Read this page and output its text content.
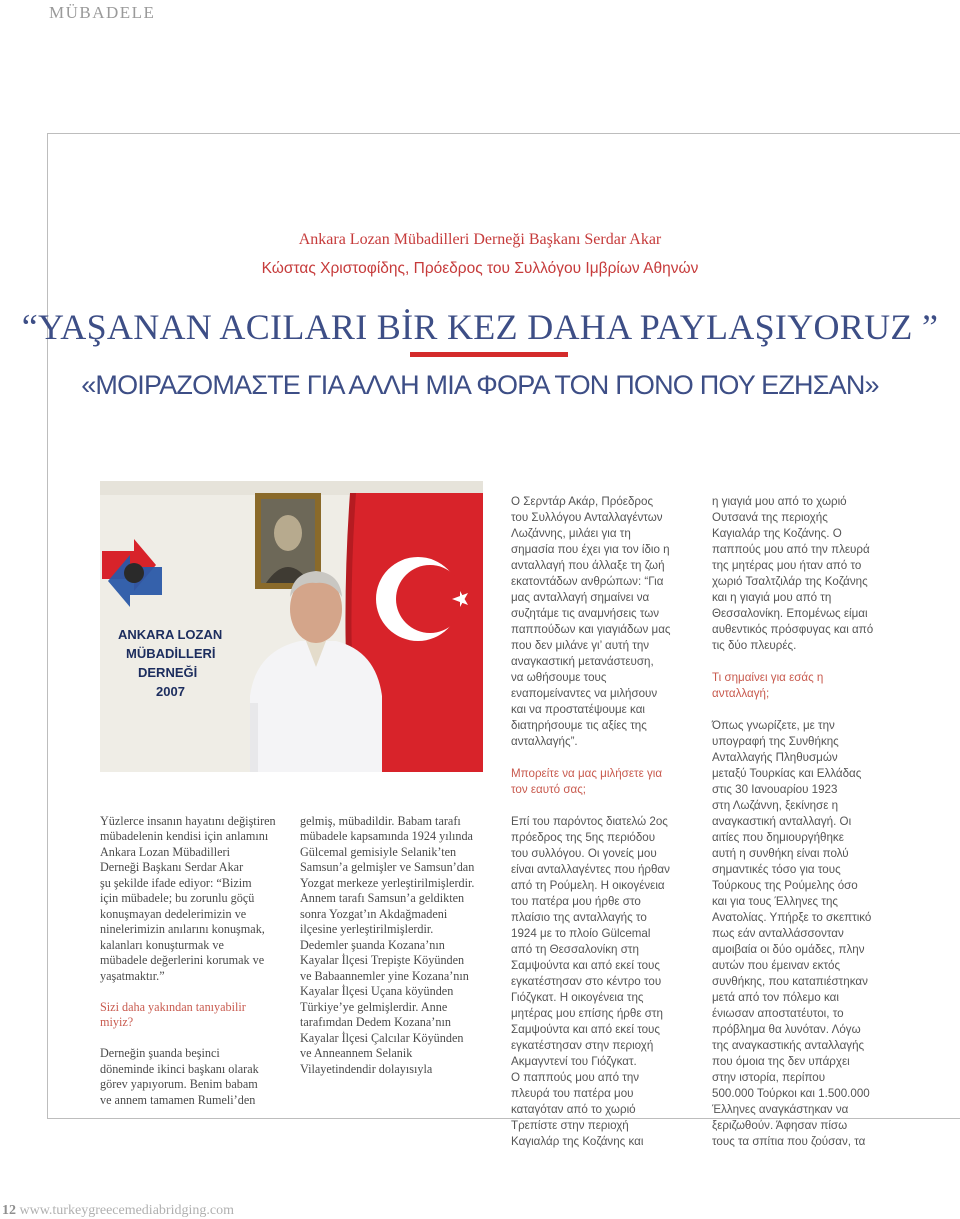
MÜBADELE
Ankara Lozan Mübadilleri Derneği Başkanı Serdar Akar
Κώστας Χριστοφίδης, Πρόεδρος του Συλλόγου Ιμβρίων Αθηνών
“YAŞANAN ACILARI BİR KEZ DAHA PAYLAŞIYORUZ ”
«ΜΟΙΡΑΖΟΜΑΣΤΕ ΓΙΑ ΑΛΛΗ ΜΙΑ ΦΟΡΑ ΤΟΝ ΠΟΝΟ ΠΟΥ ΕΖΗΣΑΝ»
ANKARA LOZAN
MÜBADİLLERİ
DERNEĞİ
2007

Yüzlerce insanın hayatını değiştiren
mübadelenin kendisi için anlamını
Ankara Lozan Mübadilleri
Derneği Başkanı Serdar Akar
şu şekilde ifade ediyor: “Bizim
için mübadele; bu zorunlu göçü
konuşmayan dedelerimizin ve
ninelerimizin anılarını konuşmak,
kalanları konuşturmak ve
mübadele değerlerini korumak ve
yaşatmaktır.”

Sizi daha yakından tanıyabilir
miyiz?

Derneğin şuanda beşinci
döneminde ikinci başkanı olarak
görev yapıyorum. Benim babam
ve annem tamamen Rumeli’den

gelmiş, mübadildir. Babam tarafı
mübadele kapsamında 1924 yılında
Gülcemal gemisiyle Selanik’ten
Samsun’a gelmişler ve Samsun’dan
Yozgat merkeze yerleştirilmişlerdir.
Annem tarafı Samsun’a geldikten
sonra Yozgat’ın Akdağmadeni
ilçesine yerleştirilmişlerdir.
Dedemler şuanda Kozana’nın
Kayalar İlçesi Trepişte Köyünden
ve Babaannemler yine Kozana’nın
Kayalar İlçesi Uçana köyünden
Türkiye’ye gelmişlerdir. Anne
tarafımdan Dedem Kozana’nın
Kayalar İlçesi Çalcılar Köyünden
ve Anneannem Selanik
Vilayetindendir dolayısıyla

Ο Σερντάρ Ακάρ, Πρόεδρος
του Συλλόγου Ανταλλαγέντων
Λωζάννης, μιλάει για τη
σημασία που έχει για τον ίδιο η
ανταλλαγή που άλλαξε τη ζωή
εκατοντάδων ανθρώπων: “Για
μας ανταλλαγή σημαίνει να
συζητάμε τις αναμνήσεις των
παππούδων και γιαγιάδων μας
που δεν μιλάνε γι’ αυτή την
αναγκαστική μετανάστευση,
να ωθήσουμε τους
εναπομείναντες να μιλήσουν
και να προστατέψουμε και
διατηρήσουμε τις αξίες της
ανταλλαγής”.

Μπορείτε να μας μιλήσετε για
τον εαυτό σας;

Επί του παρόντος διατελώ 2ος
πρόεδρος της 5ης περιόδου
του συλλόγου. Οι γονείς μου
είναι ανταλλαγέντες που ήρθαν
από τη Ρούμελη. Η οικογένεια
του πατέρα μου ήρθε στο
πλαίσιο της ανταλλαγής το
1924 με το πλοίο Gülcemal
από τη Θεσσαλονίκη στη
Σαμψούντα και από εκεί τους
εγκατέστησαν στο κέντρο του
Γιόζγκατ. Η οικογένεια της
μητέρας μου επίσης ήρθε στη
Σαμψούντα και από εκεί τους
εγκατέστησαν στην περιοχή
Ακμαγντενί του Γιόζγκατ.
Ο παππούς μου από την
πλευρά του πατέρα μου
καταγόταν από το χωριό
Τρεπίστε στην περιοχή
Καγιαλάρ της Κοζάνης και

η γιαγιά μου από το χωριό
Ουτσανά της περιοχής
Καγιαλάρ της Κοζάνης. Ο
παππούς μου από την πλευρά
της μητέρας μου ήταν από το
χωριό Τσαλτζιλάρ της Κοζάνης
και η γιαγιά μου από τη
Θεσσαλονίκη. Επομένως είμαι
αυθεντικός πρόσφυγας και από
τις δύο πλευρές.

Τι σημαίνει για εσάς η
ανταλλαγή;

Όπως γνωρίζετε, με την
υπογραφή της Συνθήκης
Ανταλλαγής Πληθυσμών
μεταξύ Τουρκίας και Ελλάδας
στις 30 Ιανουαρίου 1923
στη Λωζάννη, ξεκίνησε η
αναγκαστική ανταλλαγή. Οι
αιτίες που δημιουργήθηκε
αυτή η συνθήκη είναι πολύ
σημαντικές τόσο για τους
Τούρκους της Ρούμελης όσο
και για τους Έλληνες της
Ανατολίας. Υπήρξε το σκεπτικό
πως εάν ανταλλάσσονταν
αμοιβαία οι δύο ομάδες, πλην
αυτών που έμειναν εκτός
συνθήκης, που καταπιέστηκαν
μετά από τον πόλεμο και
ένιωσαν αποστατέυτοι, το
πρόβλημα θα λυνόταν. Λόγω
της αναγκαστικής ανταλλαγής
που όμοια της δεν υπάρχει
στην ιστορία, περίπου
500.000 Τούρκοι και 1.500.000
Έλληνες αναγκάστηκαν να
ξεριζωθούν. Άφησαν πίσω
τους τα σπίτια που ζούσαν, τα

12 www.turkeygreecemediabridging.com
